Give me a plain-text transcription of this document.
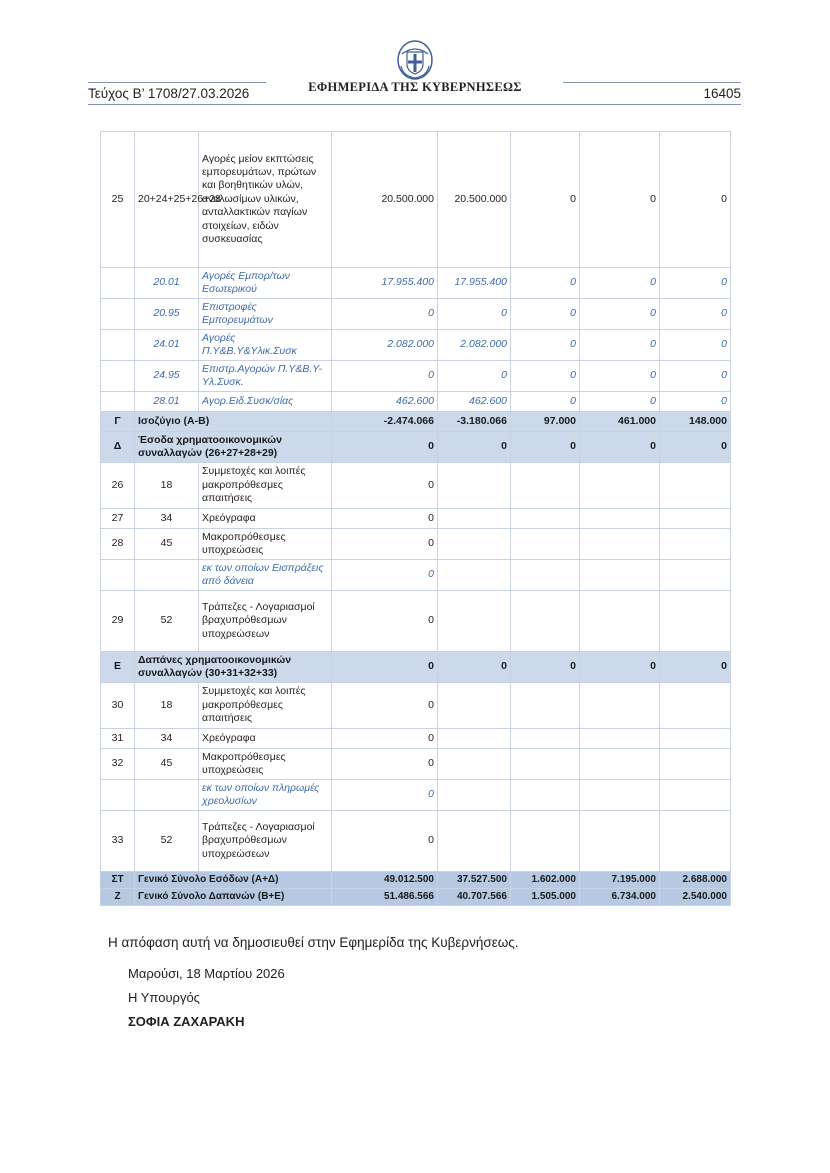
Τεύχος Β’ 1708/27.03.2026	ΕΦΗΜΕΡΙΔΑ ΤΗΣ ΚΥΒΕΡΝΗΣΕΩΣ	16405
25	20+24+25+26+28	Αγορές μείον εκπτώσεις εμπορευμάτων, πρώτων και βοηθητικών υλών, αναλωσίμων υλικών, ανταλλακτικών παγίων στοιχείων, ειδών συσκευασίας	20.500.000	20.500.000	0	0	0
	20.01	Αγορές Εμπορ/των Εσωτερικού	17.955.400	17.955.400	0	0	0
	20.95	Επιστροφές Εμπορευμάτων	0	0	0	0	0
	24.01	Αγορές Π.Υ&Β.Υ&Υλικ.Συσκ	2.082.000	2.082.000	0	0	0
	24.95	Επιστρ.Αγορών Π.Υ&Β.Υ-Υλ.Συσκ.	0	0	0	0	0
	28.01	Αγορ.Ειδ.Συσκ/σίας	462.600	462.600	0	0	0
Γ	Ισοζύγιο (Α-Β)		-2.474.066	-3.180.066	97.000	461.000	148.000
Δ	Έσοδα χρηματοοικονομικών συναλλαγών (26+27+28+29)		0	0	0	0	0
26	18	Συμμετοχές και λοιπές μακροπρόθεσμες απαιτήσεις	0				
27	34	Χρεόγραφα	0				
28	45	Μακροπρόθεσμες υποχρεώσεις	0				
		εκ των οποίων Εισπράξεις από δάνεια	0				
29	52	Τράπεζες - Λογαριασμοί βραχυπρόθεσμων υποχρεώσεων	0				
Ε	Δαπάνες χρηματοοικονομικών συναλλαγών (30+31+32+33)		0	0	0	0	0
30	18	Συμμετοχές και λοιπές μακροπρόθεσμες απαιτήσεις	0				
31	34	Χρεόγραφα	0				
32	45	Μακροπρόθεσμες υποχρεώσεις	0				
		εκ των οποίων πληρωμές χρεολυσίων	0				
33	52	Τράπεζες - Λογαριασμοί βραχυπρόθεσμων υποχρεώσεων	0				
ΣΤ	Γενικό Σύνολο Εσόδων (Α+Δ)		49.012.500	37.527.500	1.602.000	7.195.000	2.688.000
Ζ	Γενικό Σύνολο Δαπανών (Β+Ε)		51.486.566	40.707.566	1.505.000	6.734.000	2.540.000
Η απόφαση αυτή να δημοσιευθεί στην Εφημερίδα της Κυβερνήσεως.
Μαρούσι, 18 Μαρτίου 2026
Η Υπουργός
ΣΟΦΙΑ ΖΑΧΑΡΑΚΗ
